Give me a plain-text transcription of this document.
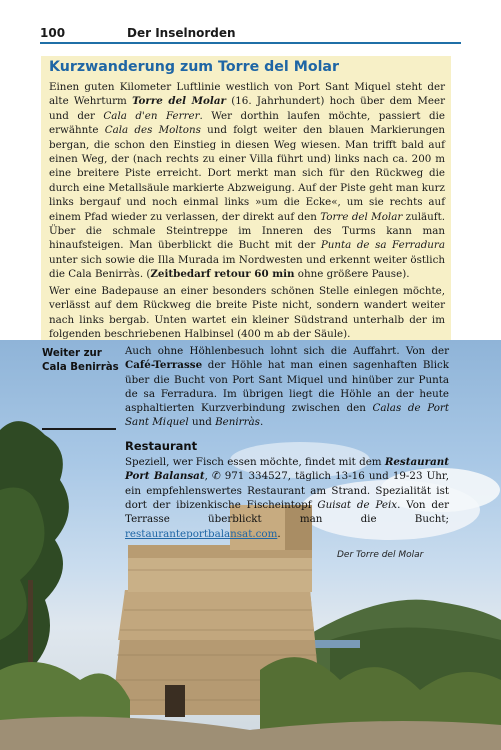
100	Der Inselnorden
Kurzwanderung zum Torre del Molar

Einen guten Kilometer Luftlinie westlich von Port Sant Miquel steht der alte Wehrturm Torre del Molar (16. Jahrhundert) hoch über dem Meer und der Cala d'en Ferrer. Wer dorthin laufen möchte, passiert die erwähnte Cala des Moltons und folgt weiter den blauen Markierungen bergan, die schon den Einstieg in diesen Weg wiesen. Man trifft bald auf einen Weg, der (nach rechts zu einer Villa führt und) links nach ca. 200 m eine breitere Piste erreicht. Dort merkt man sich für den Rückweg die durch eine Metallsäule markierte Abzweigung. Auf der Piste geht man kurz links bergauf und noch einmal links »um die Ecke«, um sie rechts auf einem Pfad wieder zu verlassen, der direkt auf den Torre del Molar zuläuft. Über die schmale Steintreppe im Inneren des Turms kann man hinaufsteigen. Man überblickt die Bucht mit der Punta de sa Ferradura unter sich sowie die Illa Murada im Nordwesten und erkennt weiter östlich die Cala Benirràs. (Zeitbedarf retour 60 min ohne größere Pause).

Wer eine Badepause an einer besonders schönen Stelle einlegen möchte, verlässt auf dem Rückweg die breite Piste nicht, sondern wandert weiter nach links bergab. Unten wartet ein kleiner Südstrand unterhalb der im folgenden beschriebenen Halbinsel (400 m ab der Säule).

Weiter zur Cala Benirràs

Auch ohne Höhlenbesuch lohnt sich die Auffahrt. Von der Café-Terrasse der Höhle hat man einen sagenhaften Blick über die Bucht von Port Sant Miquel und hinüber zur Punta de sa Ferradura. Im übrigen liegt die Höhle an der heute asphaltierten Kurzverbindung zwischen den Calas de Port Sant Miquel und Benirràs.

Restaurant

Speziell, wer Fisch essen möchte, findet mit dem Restaurant Port Balansat, ✆ 971 334527, täglich 13-16 und 19-23 Uhr, ein empfehlenswertes Restaurant am Strand. Spezialität ist dort der ibizenkische Fischeintopf Guisat de Peix. Von der Terrasse überblickt man die Bucht; restauranteportbalansat.com.

Der Torre del Molar
